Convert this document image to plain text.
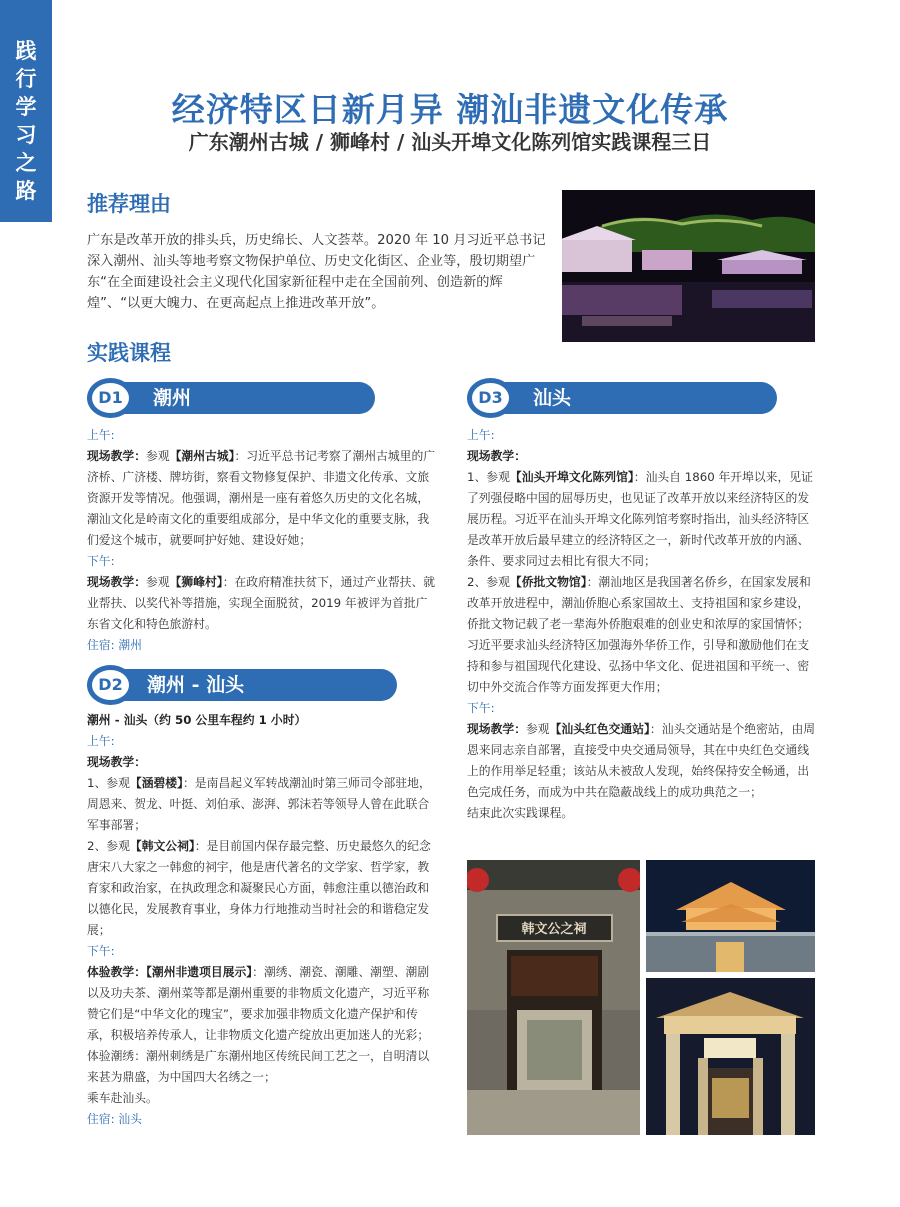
践
行
学
习
之
路
经济特区日新月异 潮汕非遗文化传承
广东潮州古城 / 狮峰村 / 汕头开埠文化陈列馆实践课程三日
推荐理由
广东是改革开放的排头兵，历史绵长、人文荟萃。2020 年 10 月习近平总书记深入潮州、汕头等地考察文物保护单位、历史文化街区、企业等，殷切期望广东“在全面建设社会主义现代化国家新征程中走在全国前列、创造新的辉煌”、“以更大魄力、在更高起点上推进改革开放”。
实践课程
D1	潮州
上午:
现场教学：参观【潮州古城】：习近平总书记考察了潮州古城里的广济桥、广济楼、牌坊街，察看文物修复保护、非遗文化传承、文旅资源开发等情况。他强调，潮州是一座有着悠久历史的文化名城，潮汕文化是岭南文化的重要组成部分，是中华文化的重要支脉，我们爱这个城市，就要呵护好她、建设好她；
下午:
现场教学：参观【狮峰村】：在政府精准扶贫下，通过产业帮扶、就业帮扶、以奖代补等措施，实现全面脱贫，2019 年被评为首批广东省文化和特色旅游村。
住宿: 潮州
D2	潮州 - 汕头
潮州 - 汕头（约 50 公里车程约 1 小时）
上午:
现场教学：
1、参观【涵碧楼】：是南昌起义军转战潮汕时第三师司令部驻地，周恩来、贺龙、叶挺、刘伯承、澎湃、郭沫若等领导人曾在此联合军事部署；
2、参观【韩文公祠】：是目前国内保存最完整、历史最悠久的纪念唐宋八大家之一韩愈的祠宇，他是唐代著名的文学家、哲学家，教育家和政治家，在执政理念和凝聚民心方面，韩愈注重以德治政和以德化民，发展教育事业，身体力行地推动当时社会的和谐稳定发展；
下午:
体验教学：【潮州非遗项目展示】：潮绣、潮瓷、潮雕、潮塑、潮剧以及功夫茶、潮州菜等都是潮州重要的非物质文化遗产，习近平称赞它们是“中华文化的瑰宝”，要求加强非物质文化遗产保护和传承，积极培养传承人，让非物质文化遗产绽放出更加迷人的光彩；
体验潮绣：潮州刺绣是广东潮州地区传统民间工艺之一，自明清以来甚为鼎盛，为中国四大名绣之一；
乘车赴汕头。
住宿: 汕头
D3	汕头
上午:
现场教学：
1、参观【汕头开埠文化陈列馆】：汕头自 1860 年开埠以来，见证了列强侵略中国的屈辱历史，也见证了改革开放以来经济特区的发展历程。习近平在汕头开埠文化陈列馆考察时指出，汕头经济特区是改革开放后最早建立的经济特区之一，新时代改革开放的内涵、条件、要求同过去相比有很大不同；
2、参观【侨批文物馆】：潮汕地区是我国著名侨乡，在国家发展和改革开放进程中，潮汕侨胞心系家国故土、支持祖国和家乡建设，侨批文物记载了老一辈海外侨胞艰难的创业史和浓厚的家国情怀；习近平要求汕头经济特区加强海外华侨工作，引导和激励他们在支持和参与祖国现代化建设、弘扬中华文化、促进祖国和平统一、密切中外交流合作等方面发挥更大作用；
下午:
现场教学：参观【汕头红色交通站】：汕头交通站是个绝密站，由周恩来同志亲自部署，直接受中央交通局领导，其在中央红色交通线上的作用举足轻重；该站从未被敌人发现，始终保持安全畅通，出色完成任务，而成为中共在隐蔽战线上的成功典范之一；
结束此次实践课程。
韩文公之祠
